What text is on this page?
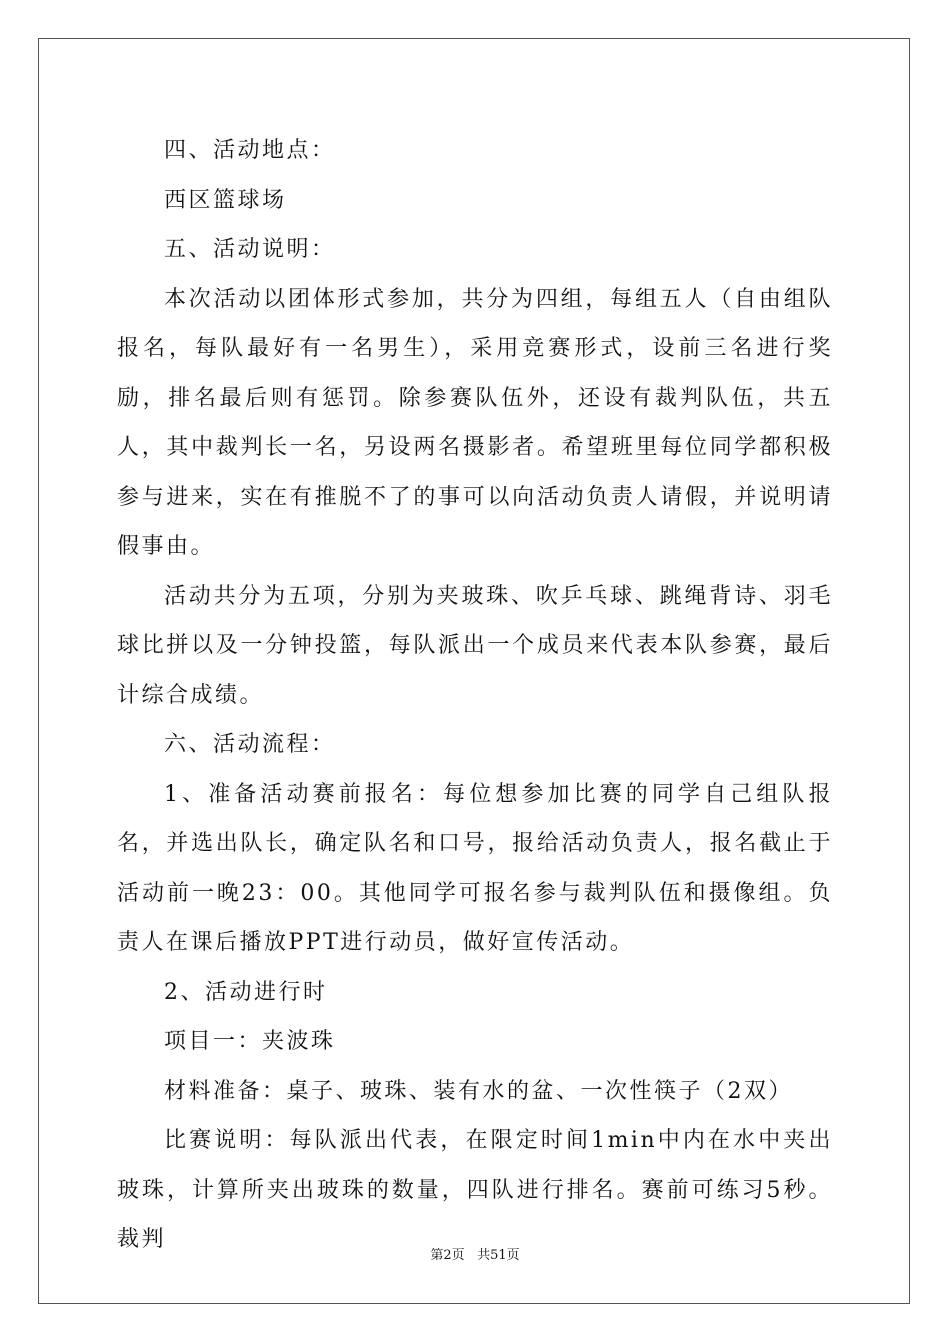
四、活动地点：

西区篮球场

五、活动说明：

本次活动以团体形式参加，共分为四组，每组五人（自由组队报名，每队最好有一名男生），采用竞赛形式，设前三名进行奖励，排名最后则有惩罚。除参赛队伍外，还设有裁判队伍，共五人，其中裁判长一名，另设两名摄影者。希望班里每位同学都积极参与进来，实在有推脱不了的事可以向活动负责人请假，并说明请假事由。

活动共分为五项，分别为夹玻珠、吹乒乓球、跳绳背诗、羽毛球比拼以及一分钟投篮，每队派出一个成员来代表本队参赛，最后计综合成绩。

六、活动流程：

1、准备活动赛前报名：每位想参加比赛的同学自己组队报名，并选出队长，确定队名和口号，报给活动负责人，报名截止于活动前一晚23：00。其他同学可报名参与裁判队伍和摄像组。负责人在课后播放PPT进行动员，做好宣传活动。

2、活动进行时

项目一：夹波珠

材料准备：桌子、玻珠、装有水的盆、一次性筷子（2双）

比赛说明：每队派出代表，在限定时间1min中内在水中夹出玻珠，计算所夹出玻珠的数量，四队进行排名。赛前可练习5秒。裁判

第2页 共51页
